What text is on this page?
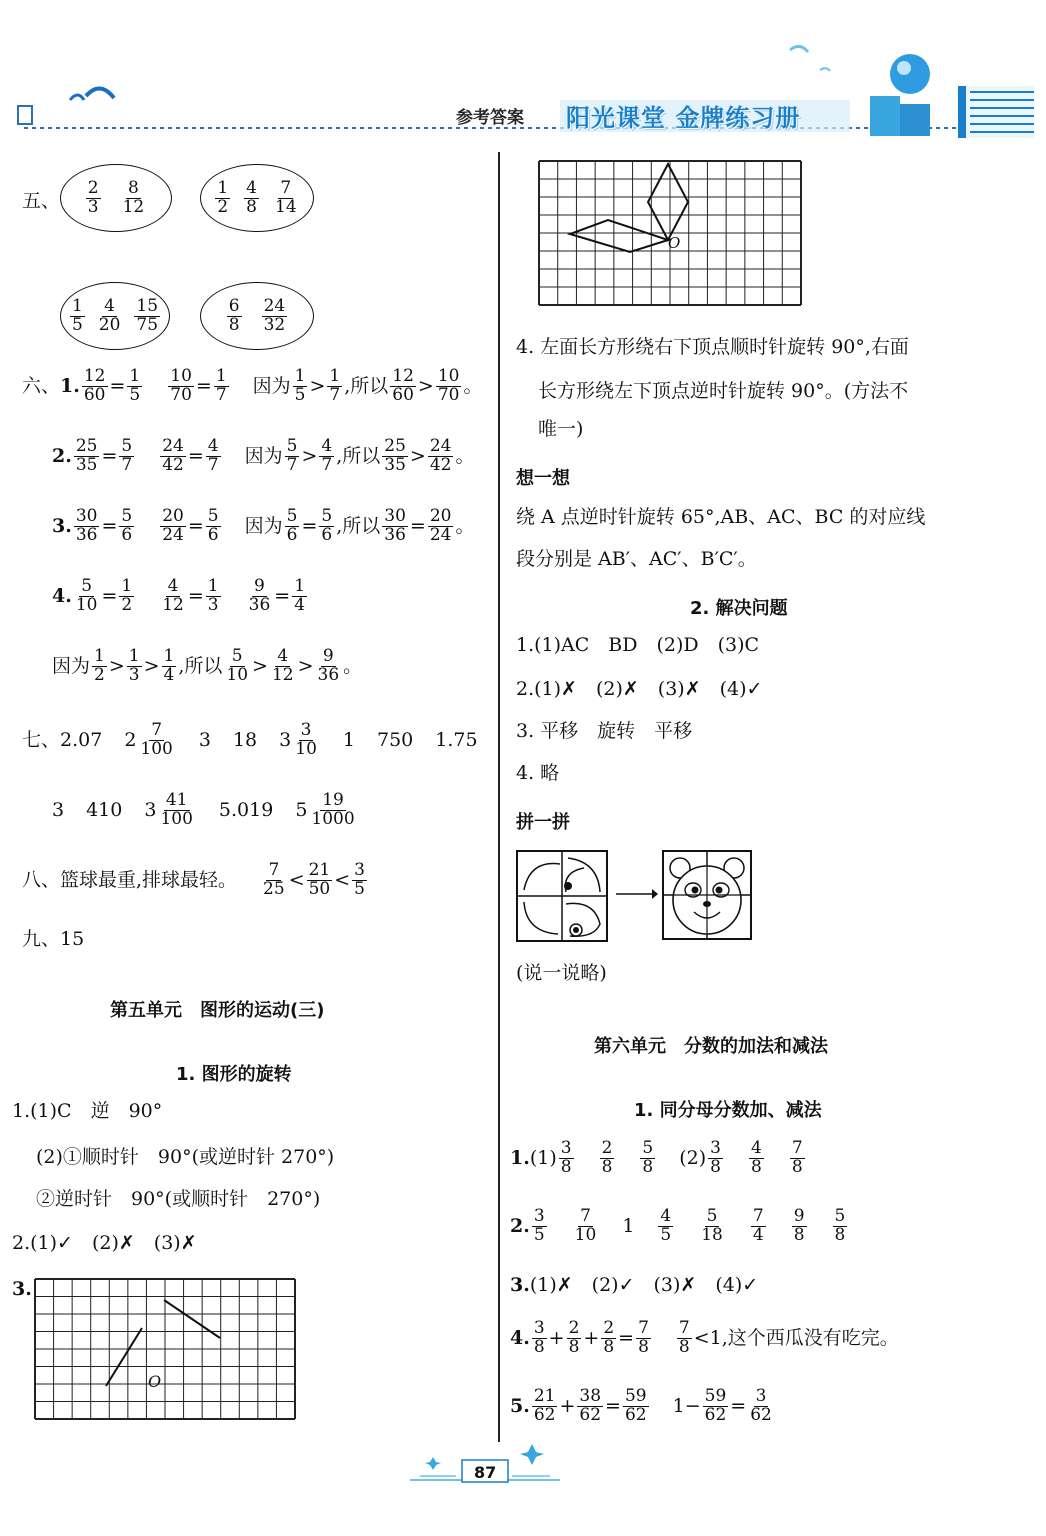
参考答案 阳光课堂 金牌练习册
五、 $\frac{2}{3} \frac{8}{12}$	$\frac{1}{2} \frac{4}{8} \frac{7}{14}$
$\frac{1}{5} \frac{4}{20} \frac{15}{75}$	$\frac{6}{8} \frac{24}{32}$
六、 1. $\frac{12}{60} = \frac{1}{5} \frac{10}{70} = \frac{1}{7}$ 因为 $\frac{1}{5} > \frac{1}{7}$ ,所以 $\frac{12}{60} > \frac{10}{70}$ 。
2. $\frac{25}{35} = \frac{5}{7} \frac{24}{42} = \frac{4}{7}$ 因为 $\frac{5}{7} > \frac{4}{7}$ ,所以 $\frac{25}{35} > \frac{24}{42}$ 。
3. $\frac{30}{36} = \frac{5}{6} \frac{20}{24} = \frac{5}{6}$ 因为 $\frac{5}{6} = \frac{5}{6}$ ,所以 $\frac{30}{36} = \frac{20}{24}$ 。
4. $\frac{5}{10} = \frac{1}{2} \frac{4}{12} = \frac{1}{3} \frac{9}{36} = \frac{1}{4}$
因为 $\frac{1}{2} > \frac{1}{3} > \frac{1}{4}$ ,所以 $\frac{5}{10} > \frac{4}{12} > \frac{9}{36}$ 。
七、 2.07 $2 \frac{7}{100} 3$ 18 $3 \frac{3}{10} 1$ 750 1.75
3 410 $3 \frac{41}{100} 5.019$ $5 \frac{19}{1000}$
八、篮球最重,排球最轻。 $\frac{7}{25} < \frac{21}{50} < \frac{3}{5}$
九、15
第五单元　图形的运动(三)
1. 图形的旋转
1.(1)C　逆　90°
(2)①顺时针　90°(或逆时针 270°)
②逆时针　90°(或顺时针　270°)
2.(1)✓　(2)✗　(3)✗
3.
O
O
4. 左面长方形绕右下顶点顺时针旋转 90°,右面
长方形绕左下顶点逆时针旋转 90°。(方法不
唯一)
想一想
绕 A 点逆时针旋转 65°,AB、AC、BC 的对应线
段分别是 AB′、AC′、B′C′。
2. 解决问题
1.(1)AC　BD　(2)D　(3)C
2.(1)✗　(2)✗　(3)✗　(4)✓
3. 平移　旋转　平移
4. 略
拼一拼
(说一说略)
第六单元　分数的加法和减法
1. 同分母分数加、减法
1. $(1) \frac{3}{8} \frac{2}{8} \frac{5}{8} (2) \frac{3}{8} \frac{4}{8} \frac{7}{8}$
2. $\frac{3}{5} \frac{7}{10} 1 \frac{4}{5} \frac{5}{18} \frac{7}{4} \frac{9}{8} \frac{5}{8}$
3.(1)✗　(2)✓　(3)✗　(4)✓
4. $\frac{3}{8} + \frac{2}{8} + \frac{2}{8} = \frac{7}{8} \frac{7}{8} <1$,这个西瓜没有吃完。
5. $\frac{21}{62} + \frac{38}{62} = \frac{59}{62} 1 - \frac{59}{62} = \frac{3}{62}$
87
